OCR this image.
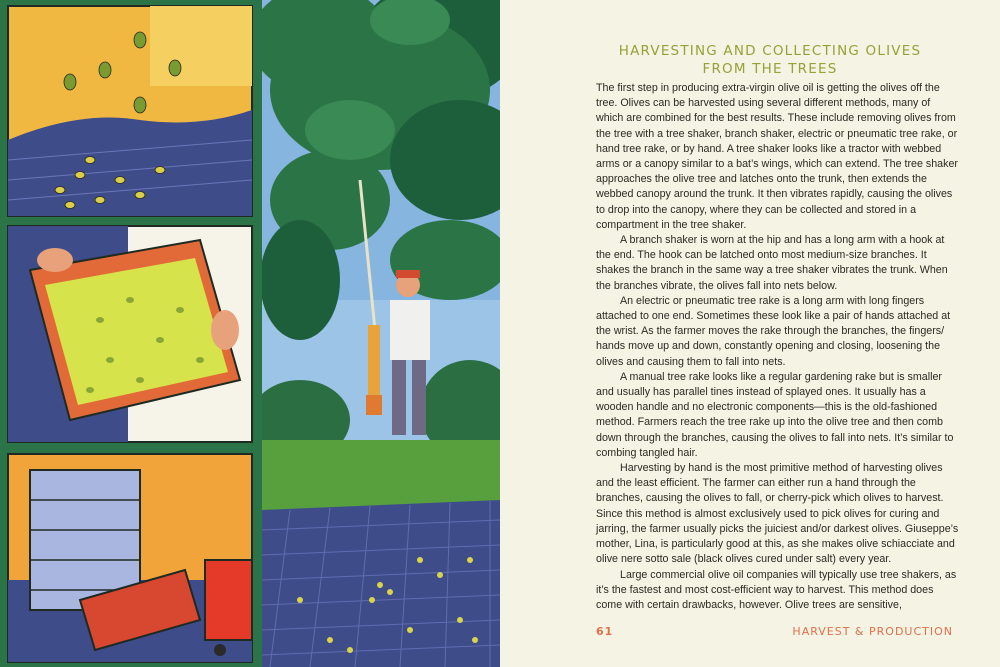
HARVESTING AND COLLECTING OLIVES
FROM THE TREES

The first step in producing extra-virgin olive oil is getting the olives off the tree. Olives can be harvested using several different methods, many of which are combined for the best results. These include removing olives from the tree with a tree shaker, branch shaker, electric or pneumatic tree rake, or hand tree rake, or by hand. A tree shaker looks like a tractor with webbed arms or a canopy similar to a bat’s wings, which can extend. The tree shaker approaches the olive tree and latches onto the trunk, then extends the webbed canopy around the trunk. It then vibrates rapidly, causing the olives to drop into the canopy, where they can be collected and stored in a compartment in the tree shaker.

A branch shaker is worn at the hip and has a long arm with a hook at the end. The hook can be latched onto most medium-size branches. It shakes the branch in the same way a tree shaker vibrates the trunk. When the branches vibrate, the olives fall into nets below.

An electric or pneumatic tree rake is a long arm with long fingers attached to one end. Sometimes these look like a pair of hands attached at the wrist. As the farmer moves the rake through the branches, the fingers/ hands move up and down, constantly opening and closing, loosening the olives and causing them to fall into nets.

A manual tree rake looks like a regular gardening rake but is smaller and usually has parallel tines instead of splayed ones. It usually has a wooden handle and no electronic components—this is the old-fashioned method. Farmers reach the tree rake up into the olive tree and then comb down through the branches, causing the olives to fall into nets. It’s similar to combing tangled hair.

Harvesting by hand is the most primitive method of harvesting olives and the least efficient. The farmer can either run a hand through the branches, causing the olives to fall, or cherry-pick which olives to harvest. Since this method is almost exclusively used to pick olives for curing and jarring, the farmer usually picks the juiciest and/or darkest olives. Giuseppe’s mother, Lina, is particularly good at this, as she makes olive schiacciate and olive nere sotto sale (black olives cured under salt) every year.

Large commercial olive oil companies will typically use tree shakers, as it’s the fastest and most cost-efficient way to harvest. This method does come with certain drawbacks, however. Olive trees are sensitive,

61	HARVEST & PRODUCTION
